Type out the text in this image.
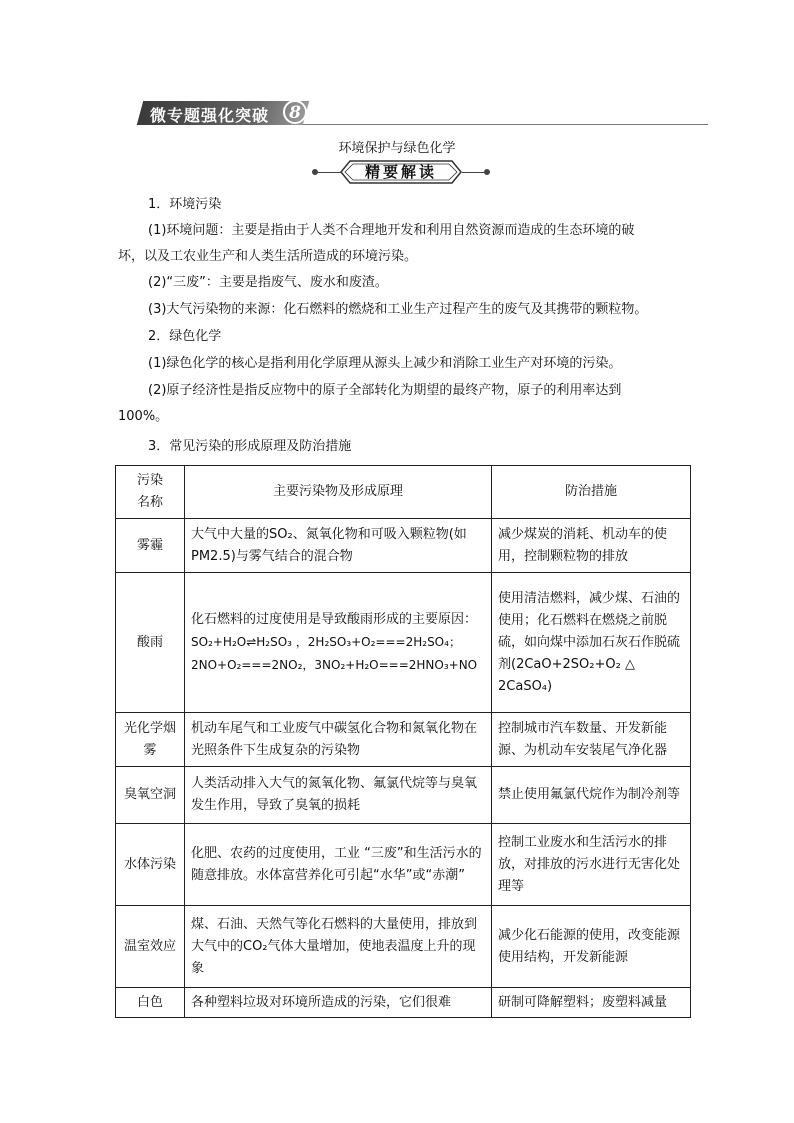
微专题强化突破	8
环境保护与绿色化学
精要解读
1．环境污染
(1)环境问题：主要是指由于人类不合理地开发和利用自然资源而造成的生态环境的破
坏，以及工农业生产和人类生活所造成的环境污染。
(2)“三废”：主要是指废气、废水和废渣。
(3)大气污染物的来源：化石燃料的燃烧和工业生产过程产生的废气及其携带的颗粒物。
2．绿色化学
(1)绿色化学的核心是指利用化学原理从源头上减少和消除工业生产对环境的污染。
(2)原子经济性是指反应物中的原子全部转化为期望的最终产物，原子的利用率达到
100%。
3．常见污染的形成原理及防治措施
污染
名称	主要污染物及形成原理	防治措施
雾霾	大气中大量的SO₂、氮氧化物和可吸入颗粒物(如PM2.5)与雾气结合的混合物	减少煤炭的消耗、机动车的使用，控制颗粒物的排放
酸雨	化石燃料的过度使用是导致酸雨形成的主要原因：SO₂+H₂O⇌H₂SO₃ ，2H₂SO₃+O₂===2H₂SO₄；2NO+O₂===2NO₂，3NO₂+H₂O===2HNO₃+NO	使用清洁燃料，减少煤、石油的使用；化石燃料在燃烧之前脱硫，如向煤中添加石灰石作脱硫剂(2CaO+2SO₂+O₂ △ 2CaSO₄)
光化学烟雾	机动车尾气和工业废气中碳氢化合物和氮氧化物在光照条件下生成复杂的污染物	控制城市汽车数量、开发新能源、为机动车安装尾气净化器
臭氧空洞	人类活动排入大气的氮氧化物、氟氯代烷等与臭氧发生作用，导致了臭氧的损耗	禁止使用氟氯代烷作为制冷剂等
水体污染	化肥、农药的过度使用，工业 “三废”和生活污水的随意排放。水体富营养化可引起“水华”或“赤潮”	控制工业废水和生活污水的排放，对排放的污水进行无害化处理等
温室效应	煤、石油、天然气等化石燃料的大量使用，排放到大气中的CO₂气体大量增加，使地表温度上升的现象	减少化石能源的使用，改变能源使用结构，开发新能源
白色	各种塑料垃圾对环境所造成的污染，它们很难	研制可降解塑料；废塑料减量
